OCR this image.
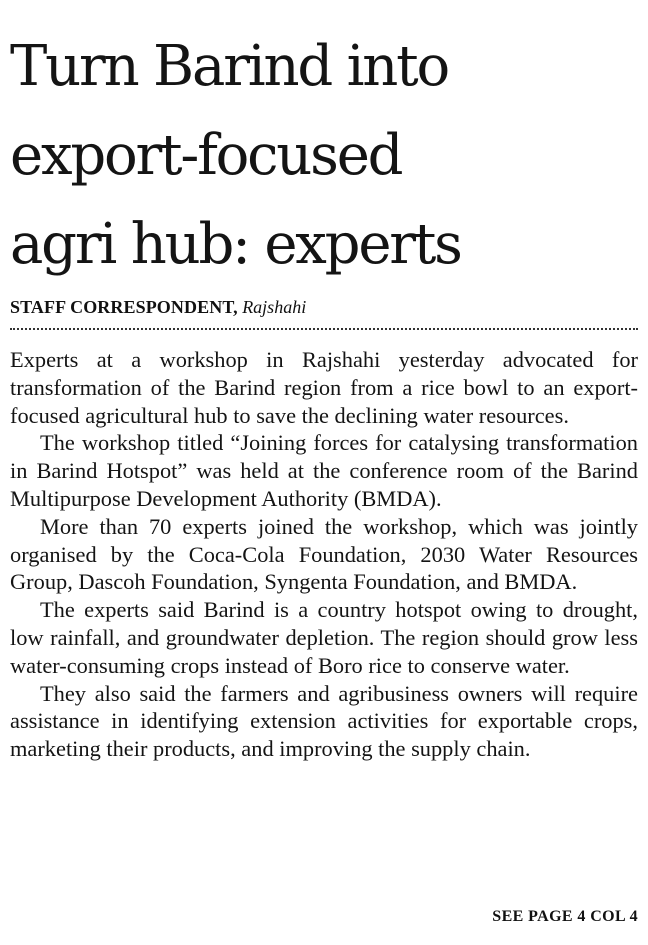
Turn Barind into
export-focused
agri hub: experts
STAFF CORRESPONDENT, Rajshahi

Experts at a workshop in Rajshahi yesterday advocated for transformation of the Barind region from a rice bowl to an export-focused agricultural hub to save the declining water resources.

The workshop titled “Joining forces for catalysing transformation in Barind Hotspot” was held at the conference room of the Barind Multipurpose Development Authority (BMDA).

More than 70 experts joined the workshop, which was jointly organised by the Coca-Cola Foundation, 2030 Water Resources Group, Dascoh Foundation, Syngenta Foundation, and BMDA.

The experts said Barind is a country hotspot owing to drought, low rainfall, and groundwater depletion. The region should grow less water-consuming crops instead of Boro rice to conserve water.

They also said the farmers and agribusiness owners will require assistance in identifying extension activities for exportable crops, marketing their products, and improving the supply chain.

SEE PAGE 4 COL 4
